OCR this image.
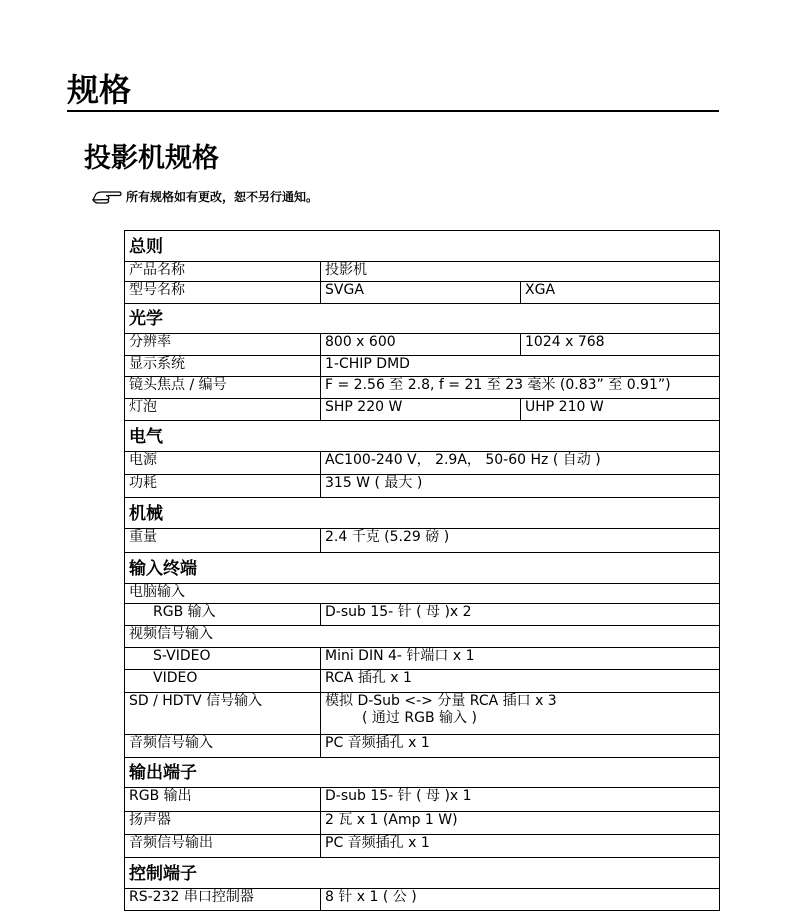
规格
投影机规格
所有规格如有更改，恕不另行通知。
总则		
产品名称	投影机	
型号名称	SVGA	XGA
光学		
分辨率	800 x 600	1024 x 768
显示系统	1-CHIP DMD	
镜头焦点 / 编号	F = 2.56 至 2.8, f = 21 至 23 毫米 (0.83” 至 0.91”)	
灯泡	SHP 220 W	UHP 210 W
电气		
电源	AC100-240 V， 2.9A， 50-60 Hz ( 自动 )	
功耗	315 W ( 最大 )	
机械		
重量	2.4 千克 (5.29 磅 )	
输入终端		
电脑输入		
RGB 输入	D-sub 15- 针 ( 母 )x 2	
视频信号输入		
S-VIDEO	Mini DIN 4- 针端口 x 1	
VIDEO	RCA 插孔 x 1	
SD / HDTV 信号输入	模拟 D-Sub <-> 分量 RCA 插口 x 3
( 通过 RGB 输入 )	

音频信号输入	PC 音频插孔 x 1	
输出端子		
RGB 输出	D-sub 15- 针 ( 母 )x 1	
扬声器	2 瓦 x 1 (Amp 1 W)	
音频信号输出	PC 音频插孔 x 1	
控制端子		
RS-232 串口控制器	8 针 x 1 ( 公 )	
